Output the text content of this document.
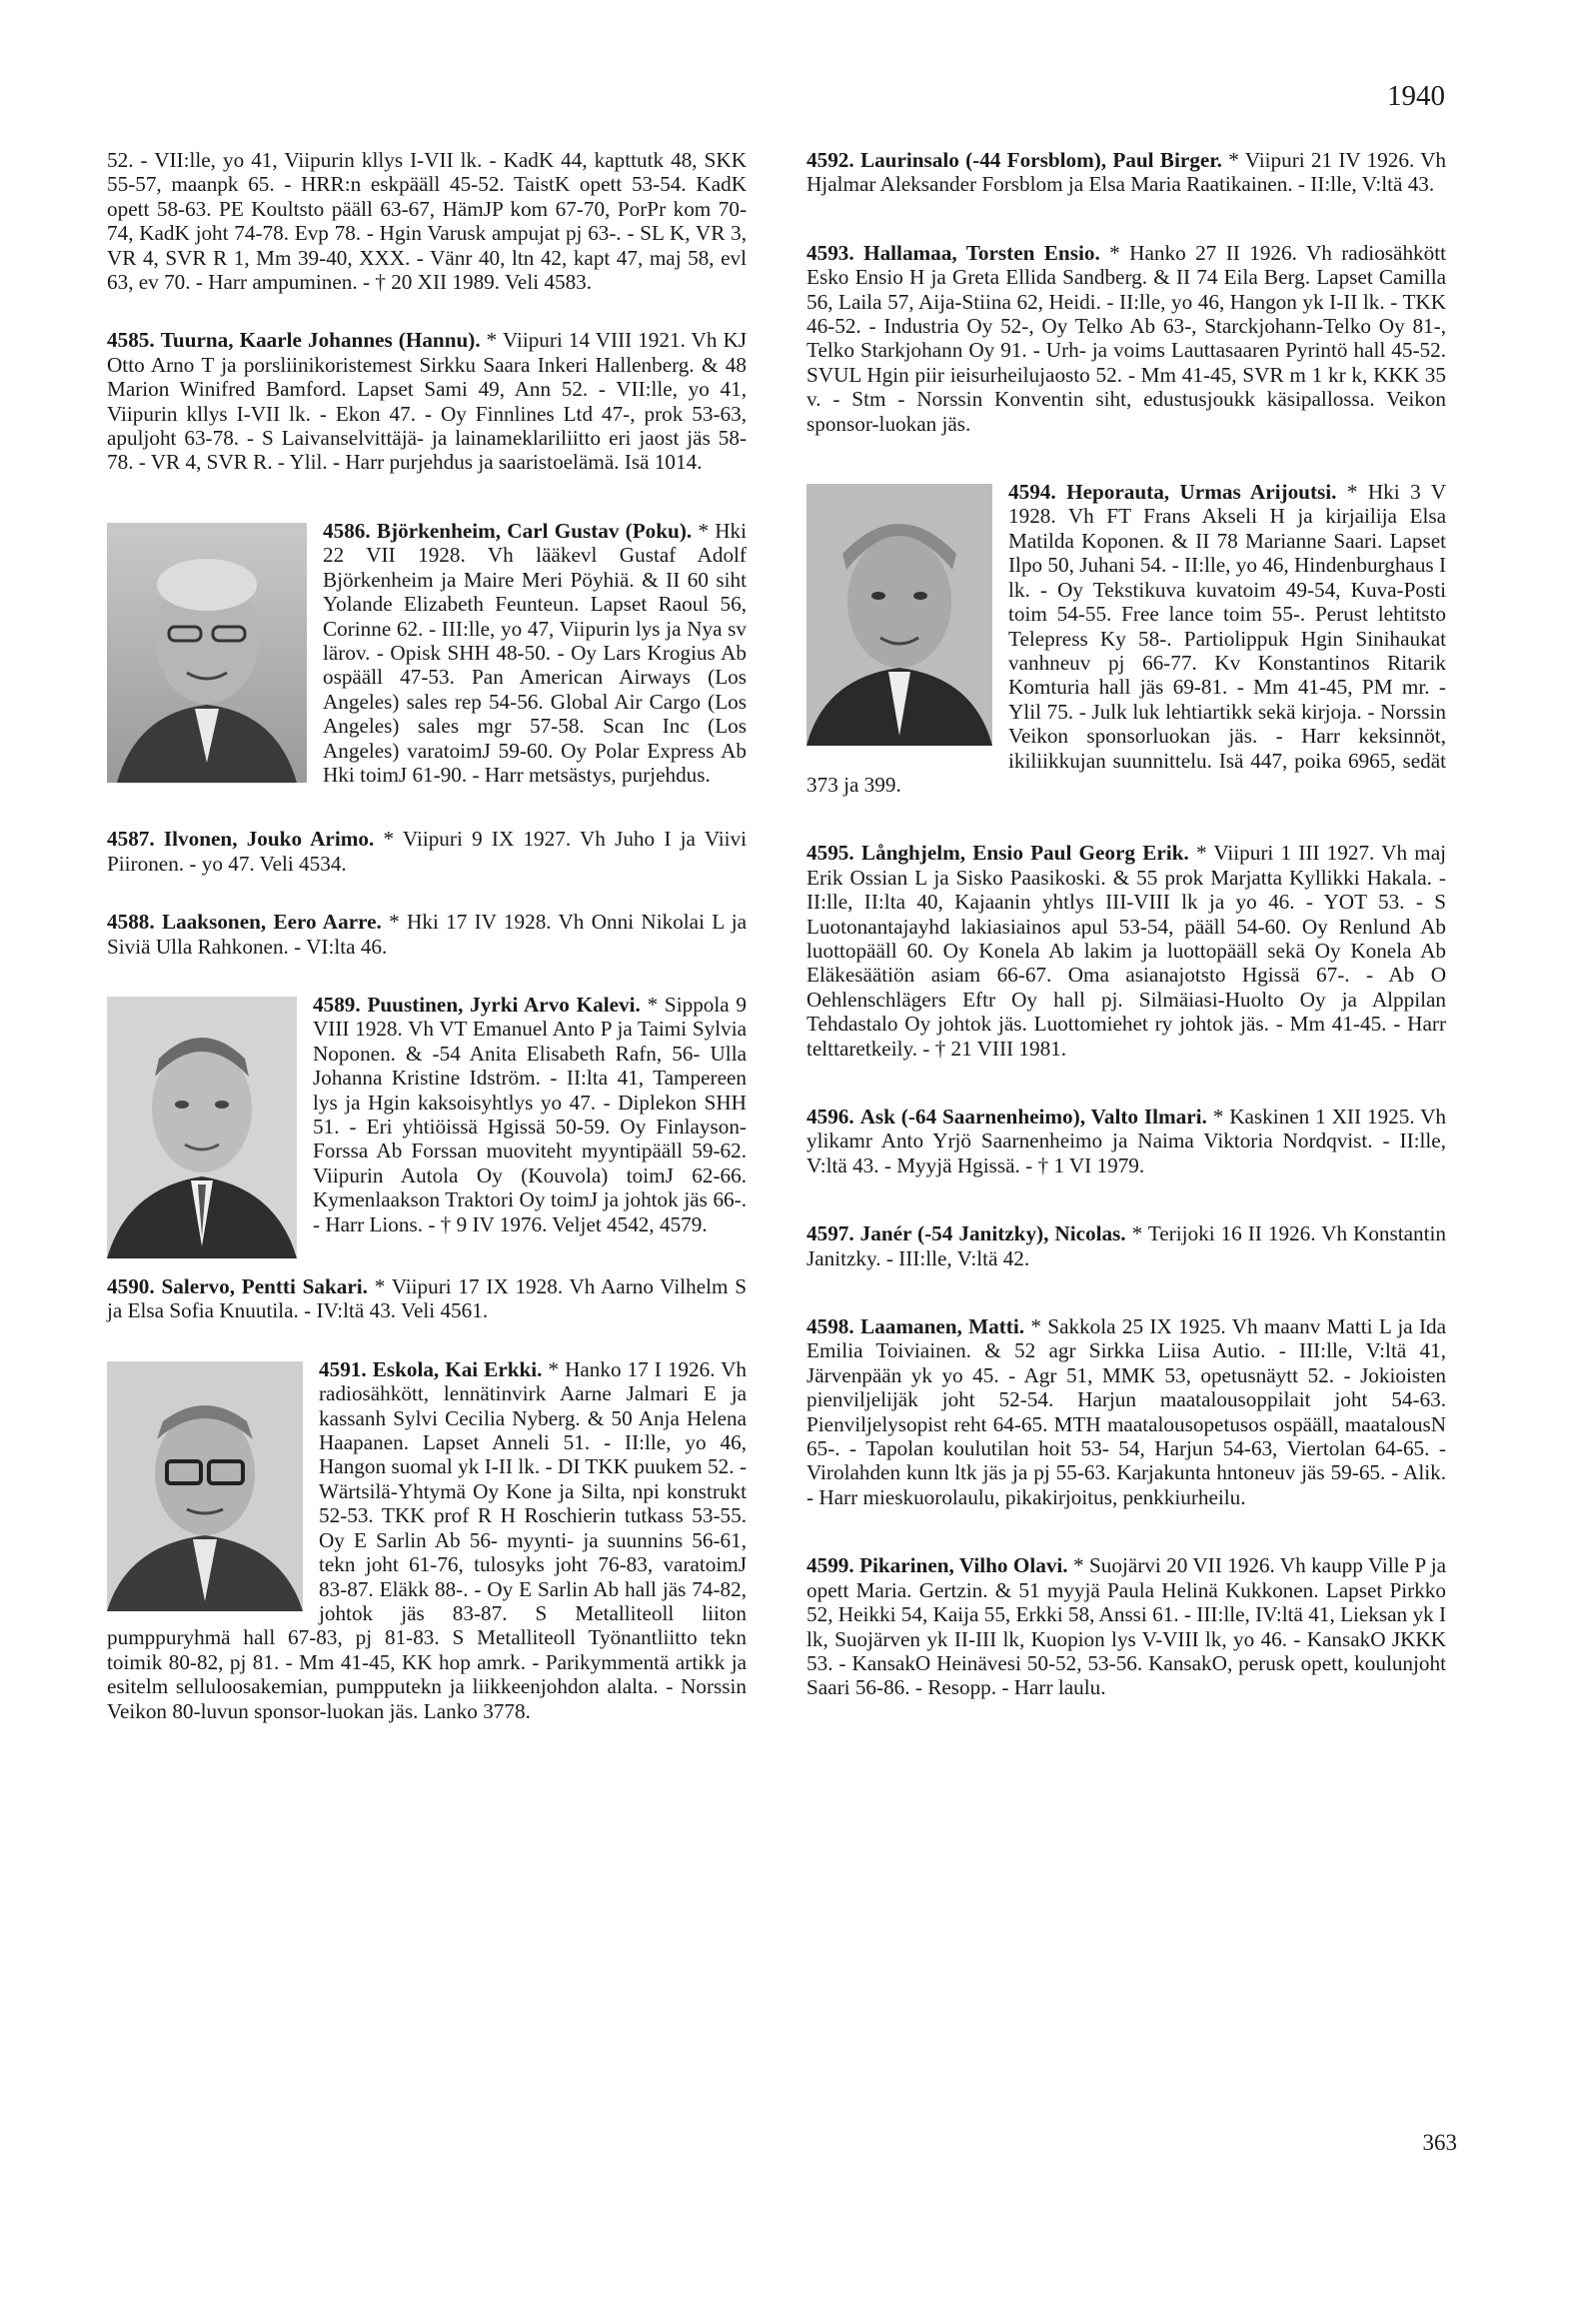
1940

52. - VII:lle, yo 41, Viipurin kllys I-VII lk. - KadK 44, kapttutk 48, SKK 55-57, maanpk 65. - HRR:n eskpääll 45-52. TaistK opett 53-54. KadK opett 58-63. PE Koultsto pääll 63-67, HämJP kom 67-70, PorPr kom 70-74, KadK joht 74-78. Evp 78. - Hgin Varusk ampujat pj 63-. - SL K, VR 3, VR 4, SVR R 1, Mm 39-40, XXX. - Vänr 40, ltn 42, kapt 47, maj 58, evl 63, ev 70. - Harr ampuminen. - † 20 XII 1989. Veli 4583.

4585. Tuurna, Kaarle Johannes (Hannu). * Viipuri 14 VIII 1921. Vh KJ Otto Arno T ja porsliinikoristemest Sirkku Saara Inkeri Hallenberg. & 48 Marion Winifred Bamford. Lapset Sami 49, Ann 52. - VII:lle, yo 41, Viipurin kllys I-VII lk. - Ekon 47. - Oy Finnlines Ltd 47-, prok 53-63, apuljoht 63-78. - S Laivanselvittäjä- ja lainameklariliitto eri jaost jäs 58-78. - VR 4, SVR R. - Ylil. - Harr purjehdus ja saaristoelämä. Isä 1014.

4586. Björkenheim, Carl Gustav (Poku). * Hki 22 VII 1928. Vh lääkevl Gustaf Adolf Björkenheim ja Maire Meri Pöyhiä. & II 60 siht Yolande Elizabeth Feunteun. Lapset Raoul 56, Corinne 62. - III:lle, yo 47, Viipurin lys ja Nya sv lärov. - Opisk SHH 48-50. - Oy Lars Krogius Ab ospääll 47-53. Pan American Airways (Los Angeles) sales rep 54-56. Global Air Cargo (Los Angeles) sales mgr 57-58. Scan Inc (Los Angeles) varatoimJ 59-60. Oy Polar Express Ab Hki toimJ 61-90. - Harr metsästys, purjehdus.

4587. Ilvonen, Jouko Arimo. * Viipuri 9 IX 1927. Vh Juho I ja Viivi Piironen. - yo 47. Veli 4534.

4588. Laaksonen, Eero Aarre. * Hki 17 IV 1928. Vh Onni Nikolai L ja Siviä Ulla Rahkonen. - VI:lta 46.

4589. Puustinen, Jyrki Arvo Kalevi. * Sippola 9 VIII 1928. Vh VT Emanuel Anto P ja Taimi Sylvia Noponen. & -54 Anita Elisabeth Rafn, 56- Ulla Johanna Kristine Idström. - II:lta 41, Tampereen lys ja Hgin kaksoisyhtlys yo 47. - Diplekon SHH 51. - Eri yhtiöissä Hgissä 50-59. Oy Finlayson-Forssa Ab Forssan muoviteht myyntipääll 59-62. Viipurin Autola Oy (Kouvola) toimJ 62-66. Kymenlaakson Traktori Oy toimJ ja johtok jäs 66-. - Harr Lions. - † 9 IV 1976. Veljet 4542, 4579.

4590. Salervo, Pentti Sakari. * Viipuri 17 IX 1928. Vh Aarno Vilhelm S ja Elsa Sofia Knuutila. - IV:ltä 43. Veli 4561.

4591. Eskola, Kai Erkki. * Hanko 17 I 1926. Vh radiosähkött, lennätinvirk Aarne Jalmari E ja kassanh Sylvi Cecilia Nyberg. & 50 Anja Helena Haapanen. Lapset Anneli 51. - II:lle, yo 46, Hangon suomal yk I-II lk. - DI TKK puukem 52. - Wärtsilä-Yhtymä Oy Kone ja Silta, npi konstrukt 52-53. TKK prof R H Roschierin tutkass 53-55. Oy E Sarlin Ab 56- myynti- ja suunnins 56-61, tekn joht 61-76, tulosyks joht 76-83, varatoimJ 83-87. Eläkk 88-. - Oy E Sarlin Ab hall jäs 74-82, johtok jäs 83-87. S Metalliteoll liiton pumppuryhmä hall 67-83, pj 81-83. S Metalliteoll Työnantliitto tekn toimik 80-82, pj 81. - Mm 41-45, KK hop amrk. - Parikymmentä artikk ja esitelm selluloosakemian, pumpputekn ja liikkeenjohdon alalta. - Norssin Veikon 80-luvun sponsor-luokan jäs. Lanko 3778.

4592. Laurinsalo (-44 Forsblom), Paul Birger. * Viipuri 21 IV 1926. Vh Hjalmar Aleksander Forsblom ja Elsa Maria Raatikainen. - II:lle, V:ltä 43.

4593. Hallamaa, Torsten Ensio. * Hanko 27 II 1926. Vh radiosähkött Esko Ensio H ja Greta Ellida Sandberg. & II 74 Eila Berg. Lapset Camilla 56, Laila 57, Aija-Stiina 62, Heidi. - II:lle, yo 46, Hangon yk I-II lk. - TKK 46-52. - Industria Oy 52-, Oy Telko Ab 63-, Starckjohann-Telko Oy 81-, Telko Starkjohann Oy 91. - Urh- ja voims Lauttasaaren Pyrintö hall 45-52. SVUL Hgin piir ieisurheilujaosto 52. - Mm 41-45, SVR m 1 kr k, KKK 35 v. - Stm - Norssin Konventin siht, edustusjoukk käsipallossa. Veikon sponsor-luokan jäs.

4594. Heporauta, Urmas Arijoutsi. * Hki 3 V 1928. Vh FT Frans Akseli H ja kirjailija Elsa Matilda Koponen. & II 78 Marianne Saari. Lapset Ilpo 50, Juhani 54. - II:lle, yo 46, Hindenburghaus I lk. - Oy Tekstikuva kuvatoim 49-54, Kuva-Posti toim 54-55. Free lance toim 55-. Perust lehtitsto Telepress Ky 58-. Partiolippuk Hgin Sinihaukat vanhneuv pj 66-77. Kv Konstantinos Ritarik Komturia hall jäs 69-81. - Mm 41-45, PM mr. - Ylil 75. - Julk luk lehtiartikk sekä kirjoja. - Norssin Veikon sponsorluokan jäs. - Harr keksinnöt, ikiliikkujan suunnittelu. Isä 447, poika 6965, sedät 373 ja 399.

4595. Långhjelm, Ensio Paul Georg Erik. * Viipuri 1 III 1927. Vh maj Erik Ossian L ja Sisko Paasikoski. & 55 prok Marjatta Kyllikki Hakala. - II:lle, II:lta 40, Kajaanin yhtlys III-VIII lk ja yo 46. - YOT 53. - S Luotonantajayhd lakiasiainos apul 53-54, pääll 54-60. Oy Renlund Ab luottopääll 60. Oy Konela Ab lakim ja luottopääll sekä Oy Konela Ab Eläkesäätiön asiam 66-67. Oma asianajotsto Hgissä 67-. - Ab O Oehlenschlägers Eftr Oy hall pj. Silmäiasi-Huolto Oy ja Alppilan Tehdastalo Oy johtok jäs. Luottomiehet ry johtok jäs. - Mm 41-45. - Harr telttaretkeily. - † 21 VIII 1981.

4596. Ask (-64 Saarnenheimo), Valto Ilmari. * Kaskinen 1 XII 1925. Vh ylikamr Anto Yrjö Saarnenheimo ja Naima Viktoria Nordqvist. - II:lle, V:ltä 43. - Myyjä Hgissä. - † 1 VI 1979.

4597. Janér (-54 Janitzky), Nicolas. * Terijoki 16 II 1926. Vh Konstantin Janitzky. - III:lle, V:ltä 42.

4598. Laamanen, Matti. * Sakkola 25 IX 1925. Vh maanv Matti L ja Ida Emilia Toiviainen. & 52 agr Sirkka Liisa Autio. - III:lle, V:ltä 41, Järvenpään yk yo 45. - Agr 51, MMK 53, opetusnäytt 52. - Jokioisten pienviljelijäk joht 52-54. Harjun maatalousoppilait joht 54-63. Pienviljelysopist reht 64-65. MTH maatalousopetusos ospääll, maatalousN 65-. - Tapolan koulutilan hoit 53- 54, Harjun 54-63, Viertolan 64-65. - Virolahden kunn ltk jäs ja pj 55-63. Karjakunta hntoneuv jäs 59-65. - Alik. - Harr mieskuorolaulu, pikakirjoitus, penkkiurheilu.

4599. Pikarinen, Vilho Olavi. * Suojärvi 20 VII 1926. Vh kaupp Ville P ja opett Maria. Gertzin. & 51 myyjä Paula Helinä Kukkonen. Lapset Pirkko 52, Heikki 54, Kaija 55, Erkki 58, Anssi 61. - III:lle, IV:ltä 41, Lieksan yk I lk, Suojärven yk II-III lk, Kuopion lys V-VIII lk, yo 46. - KansakO JKKK 53. - KansakO Heinävesi 50-52, 53-56. KansakO, perusk opett, koulunjoht Saari 56-86. - Resopp. - Harr laulu.

363
